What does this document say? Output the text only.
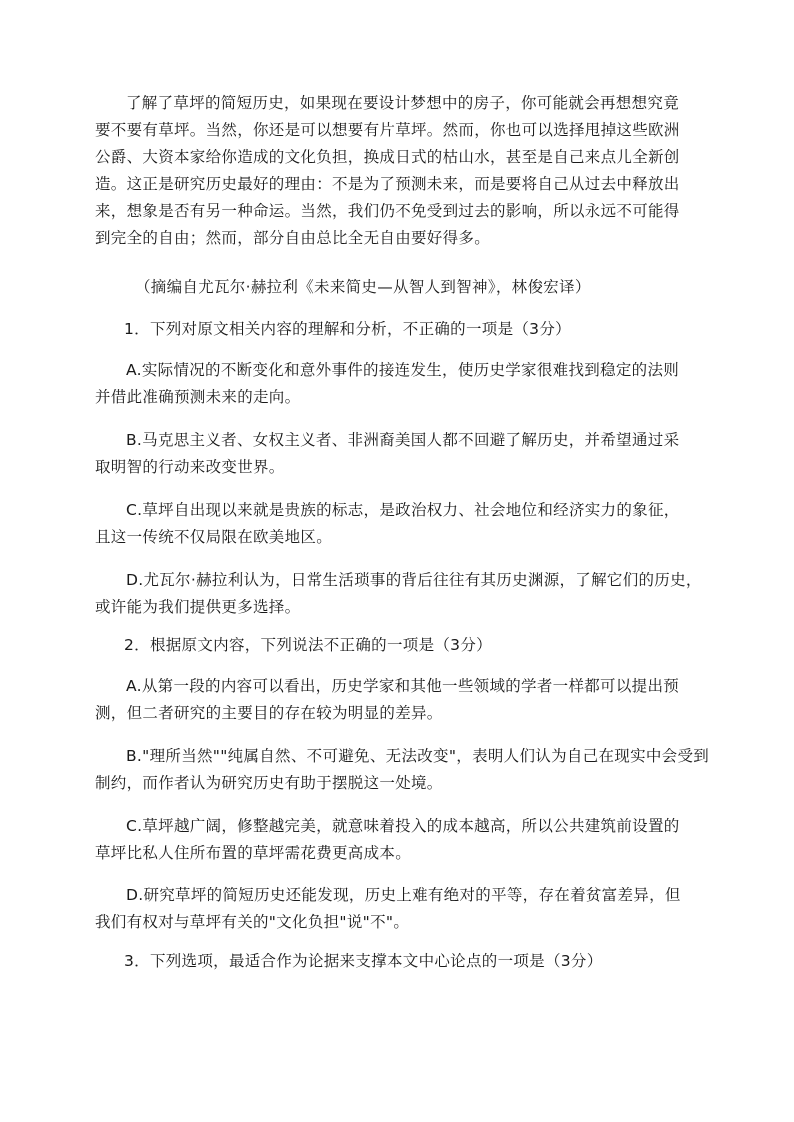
了解了草坪的简短历史，如果现在要设计梦想中的房子，你可能就会再想想究竟
要不要有草坪。当然，你还是可以想要有片草坪。然而，你也可以选择甩掉这些欧洲
公爵、大资本家给你造成的文化负担，换成日式的枯山水，甚至是自己来点儿全新创
造。这正是研究历史最好的理由：不是为了预测未来，而是要将自己从过去中释放出
来，想象是否有另一种命运。当然，我们仍不免受到过去的影响，所以永远不可能得
到完全的自由；然而，部分自由总比全无自由要好得多。
（摘编自尤瓦尔·赫拉利《未来简史—从智人到智神》，林俊宏译）
1．下列对原文相关内容的理解和分析，不正确的一项是（3分）
A.实际情况的不断变化和意外事件的接连发生，使历史学家很难找到稳定的法则
并借此准确预测未来的走向。
B.马克思主义者、女权主义者、非洲裔美国人都不回避了解历史，并希望通过采
取明智的行动来改变世界。
C.草坪自出现以来就是贵族的标志，是政治权力、社会地位和经济实力的象征，
且这一传统不仅局限在欧美地区。
D.尤瓦尔·赫拉利认为，日常生活琐事的背后往往有其历史渊源，了解它们的历史，
或许能为我们提供更多选择。
2．根据原文内容，下列说法不正确的一项是（3分）
A.从第一段的内容可以看出，历史学家和其他一些领域的学者一样都可以提出预
测，但二者研究的主要目的存在较为明显的差异。
B."理所当然""纯属自然、不可避免、无法改变"，表明人们认为自己在现实中会受到
制约，而作者认为研究历史有助于摆脱这一处境。
C.草坪越广阔，修整越完美，就意味着投入的成本越高，所以公共建筑前设置的
草坪比私人住所布置的草坪需花费更高成本。
D.研究草坪的简短历史还能发现，历史上难有绝对的平等，存在着贫富差异，但
我们有权对与草坪有关的"文化负担"说"不"。
3．下列选项，最适合作为论据来支撑本文中心论点的一项是（3分）
